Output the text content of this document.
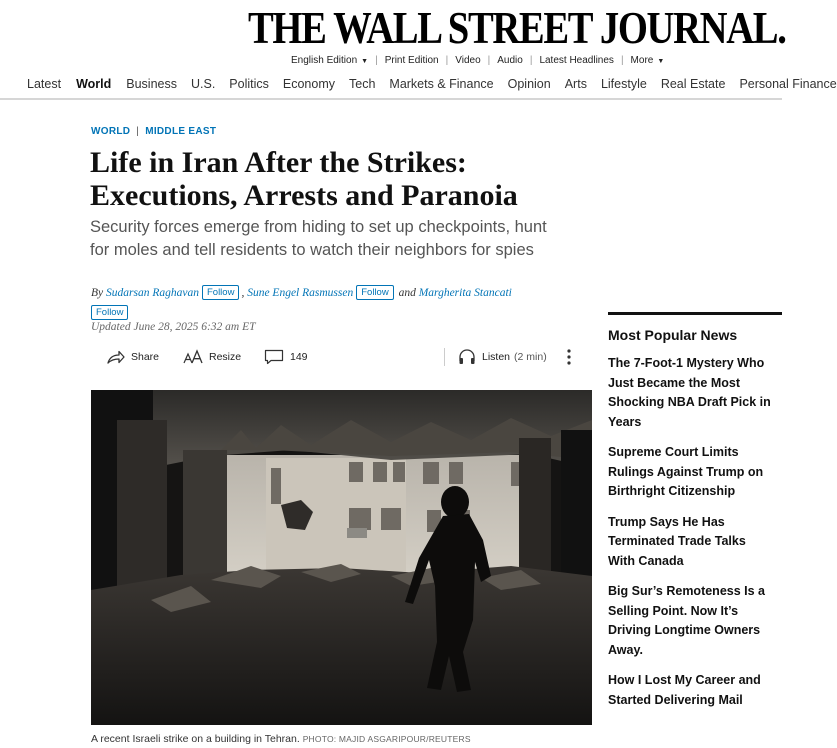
THE WALL STREET JOURNAL.
English Edition ▼ | Print Edition | Video | Audio | Latest Headlines | More ▼
Latest World Business U.S. Politics Economy Tech Markets & Finance Opinion Arts Lifestyle Real Estate Personal Finance
WORLD | MIDDLE EAST
Life in Iran After the Strikes:
Executions, Arrests and Paranoia

Security forces emerge from hiding to set up checkpoints, hunt for moles and tell residents to watch their neighbors for spies

By Sudarsan Raghavan Follow , Sune Engel Rasmussen Follow and Margherita Stancati
Follow
Updated June 28, 2025 6:32 am ET
Share	Resize	149	Listen (2 min)
A recent Israeli strike on a building in Tehran. PHOTO: MAJID ASGARIPOUR/REUTERS
Most Popular News
The 7-Foot-1 Mystery Who Just Became the Most Shocking NBA Draft Pick in Years
Supreme Court Limits Rulings Against Trump on Birthright Citizenship
Trump Says He Has Terminated Trade Talks With Canada
Big Sur’s Remoteness Is a Selling Point. Now It’s Driving Longtime Owners Away.
How I Lost My Career and Started Delivering Mail
